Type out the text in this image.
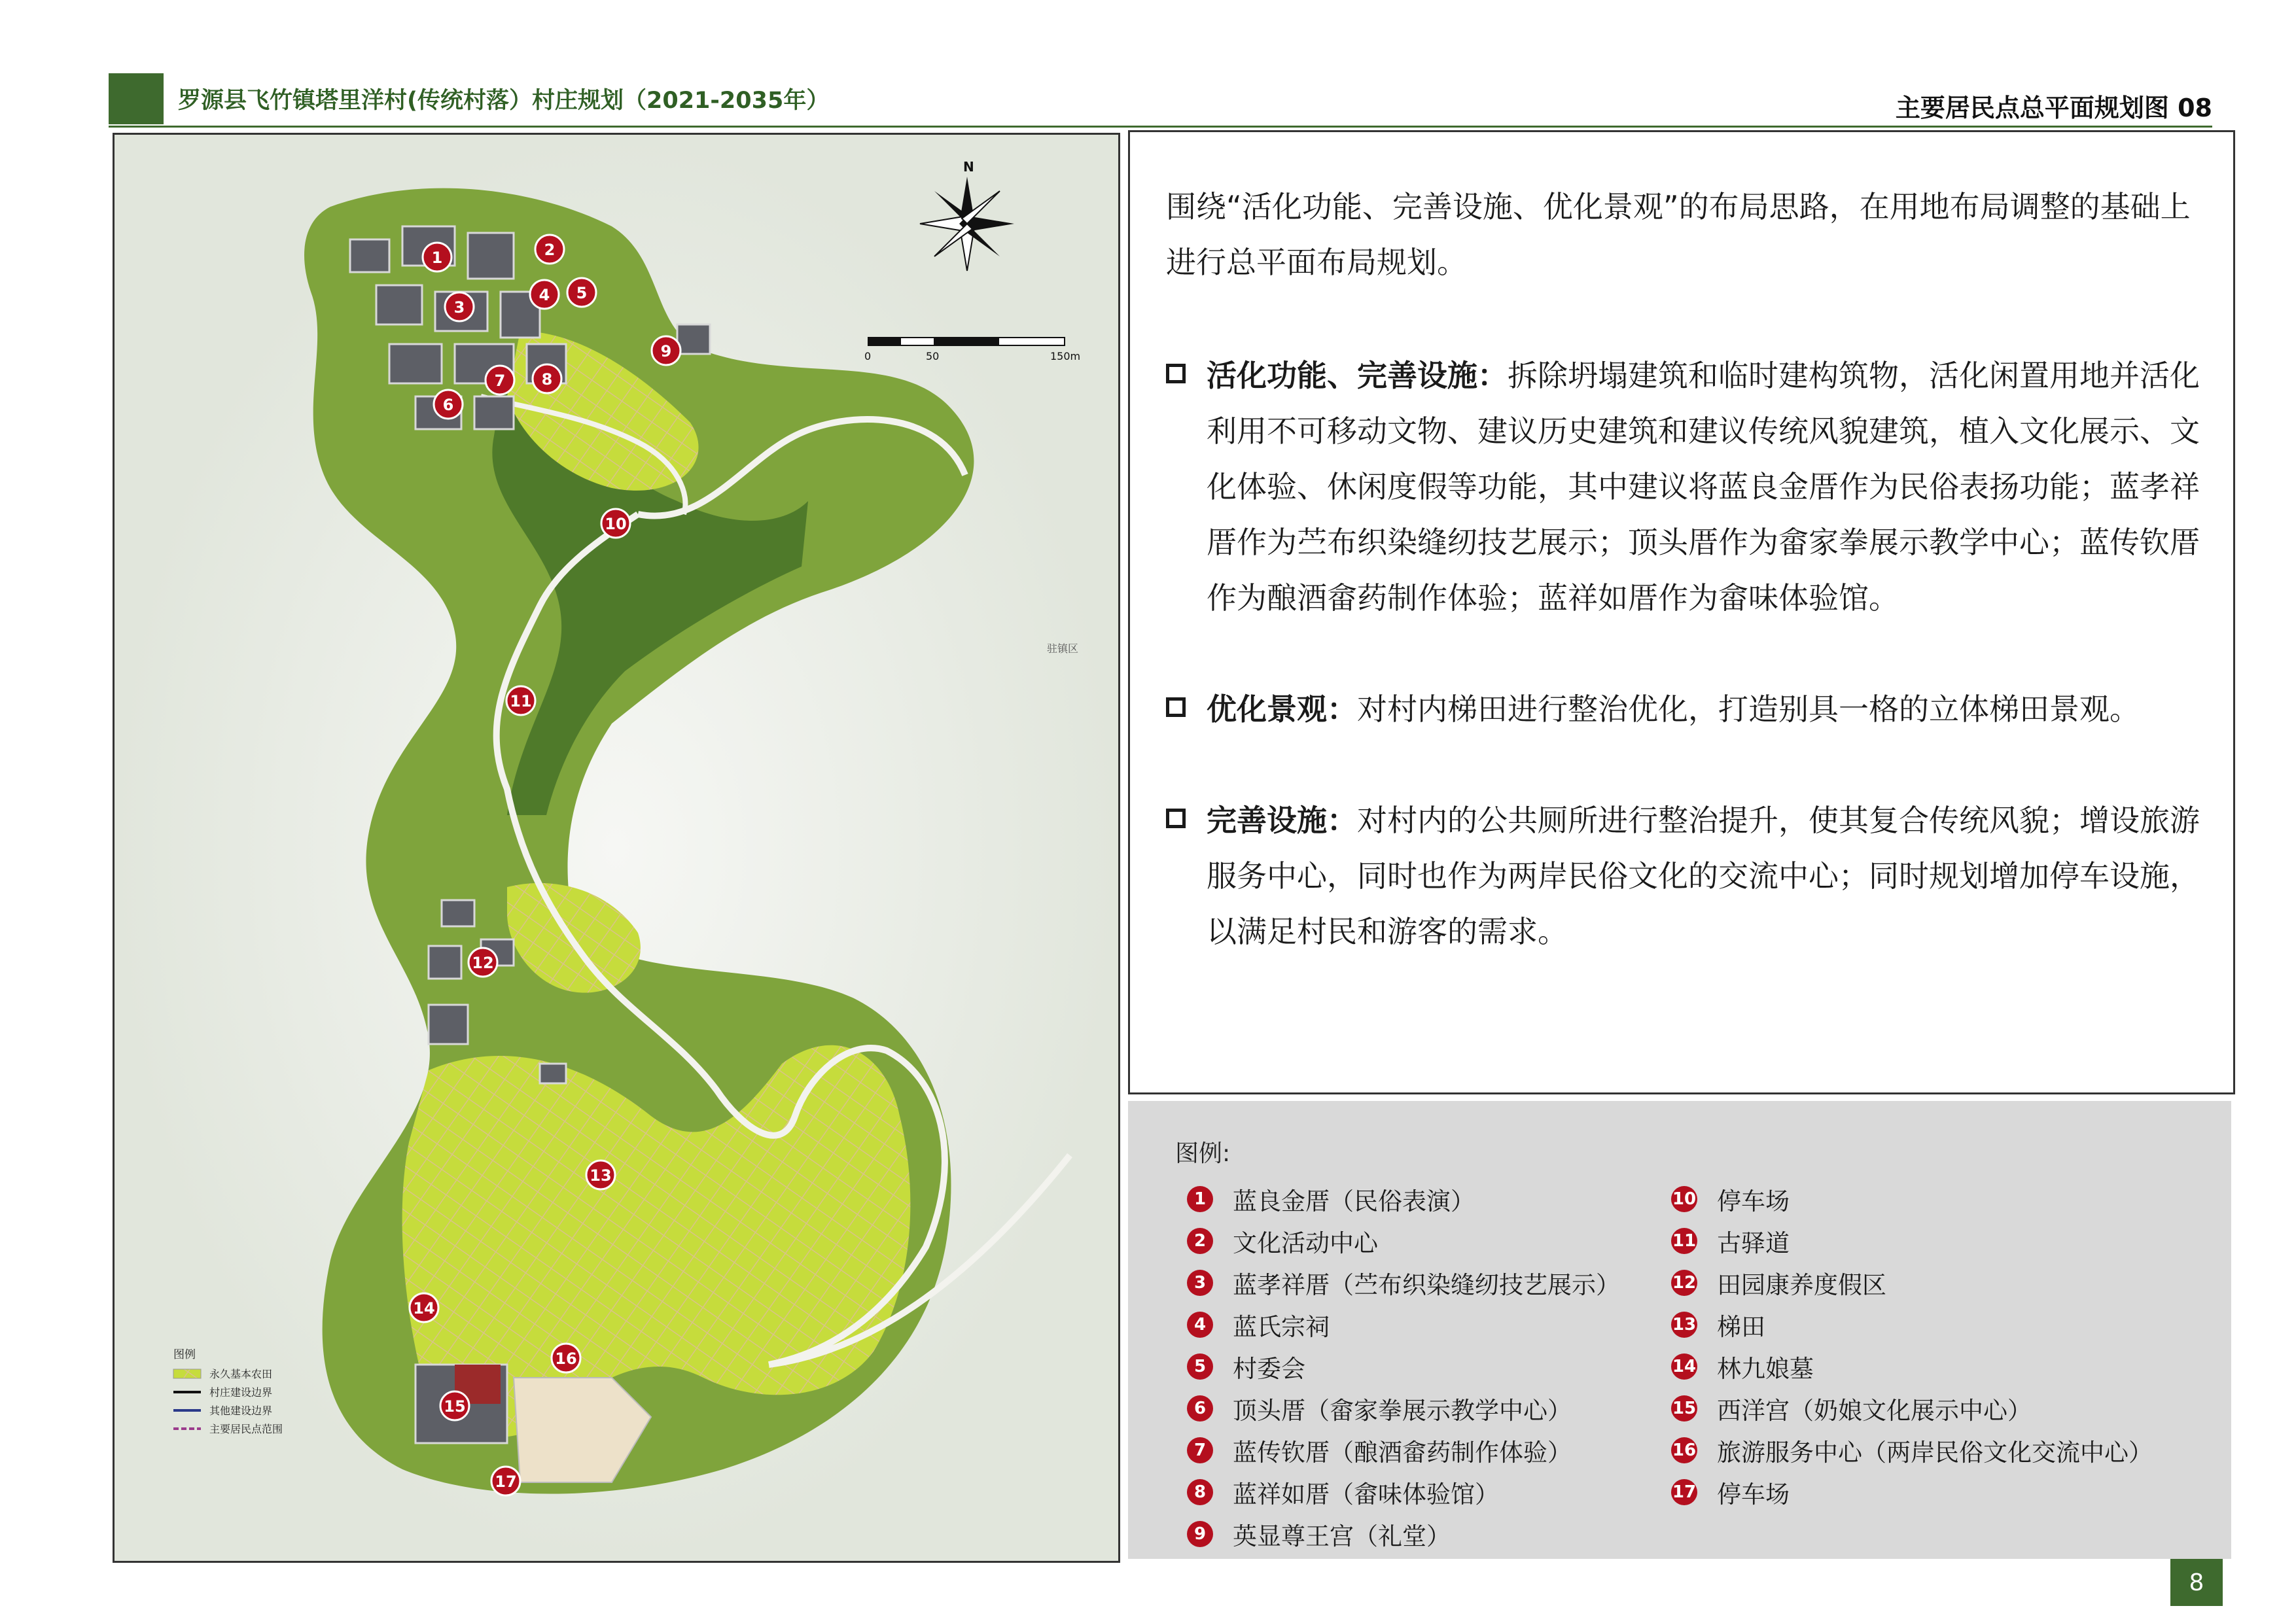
罗源县飞竹镇塔里洋村(传统村落）村庄规划（2021-2035年）	主要居民点总平面规划图 08
1	2
3
4 5
6
7 8
9
10
11
12
13
14
15
16
17
驻镇区
N
0	50	150m
图例
永久基本农田
村庄建设边界
其他建设边界
主要居民点范围
围绕“活化功能、完善设施、优化景观”的布局思路，在用地布局调整的基础上进行总平面布局规划。
活化功能、完善设施：拆除坍塌建筑和临时建构筑物，活化闲置用地并活化利用不可移动文物、建议历史建筑和建议传统风貌建筑，植入文化展示、文化体验、休闲度假等功能，其中建议将蓝良金厝作为民俗表扬功能；蓝孝祥厝作为苎布织染缝纫技艺展示；顶头厝作为畲家拳展示教学中心；蓝传钦厝作为酿酒畲药制作体验；蓝祥如厝作为畲味体验馆。
优化景观：对村内梯田进行整治优化，打造别具一格的立体梯田景观。
完善设施：对村内的公共厕所进行整治提升，使其复合传统风貌；增设旅游服务中心，同时也作为两岸民俗文化的交流中心；同时规划增加停车设施，以满足村民和游客的需求。
图例:
1 蓝良金厝（民俗表演）
2 文化活动中心
3 蓝孝祥厝（苎布织染缝纫技艺展示）
4 蓝氏宗祠
5 村委会
6 顶头厝（畲家拳展示教学中心）
7 蓝传钦厝（酿酒畲药制作体验）
8 蓝祥如厝（畲味体验馆）
9 英显尊王宫（礼堂）
10 停车场
11 古驿道
12 田园康养度假区
13 梯田
14 林九娘墓
15 西洋宫（奶娘文化展示中心）
16 旅游服务中心（两岸民俗文化交流中心）
17 停车场
8
